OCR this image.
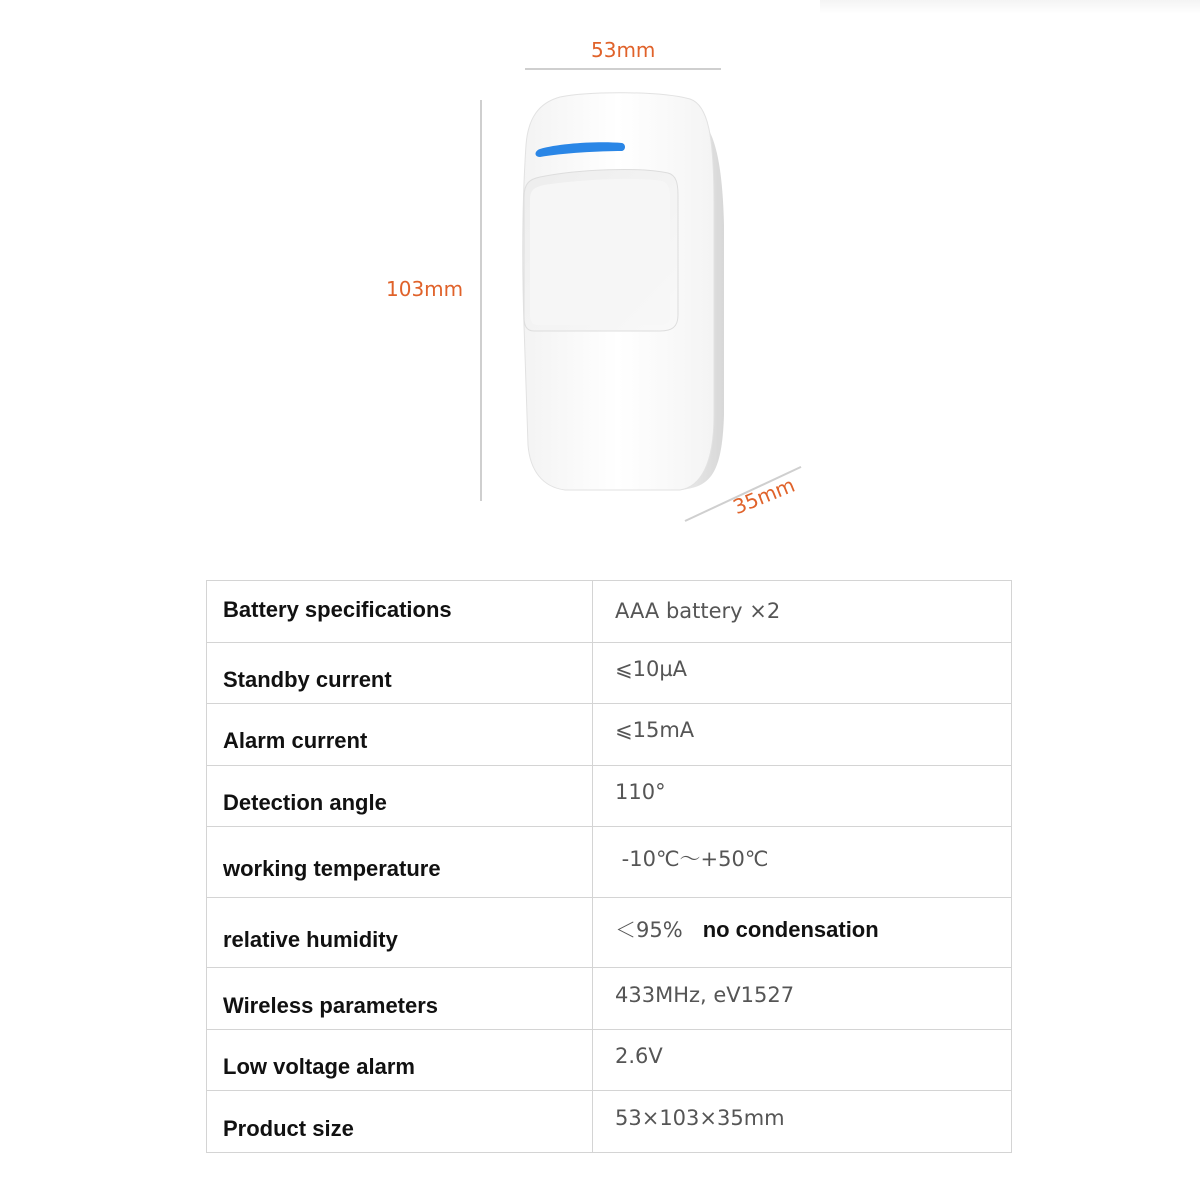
53mm
103mm
35mm
Battery specifications	AAA battery ×2
Standby current	⩽10µA
Alarm current	⩽15mA
Detection angle	110°
working temperature	-10℃～+50℃
relative humidity	＜95% no condensation
Wireless parameters	433MHz, eV1527
Low voltage alarm	2.6V
Product size	53×103×35mm
